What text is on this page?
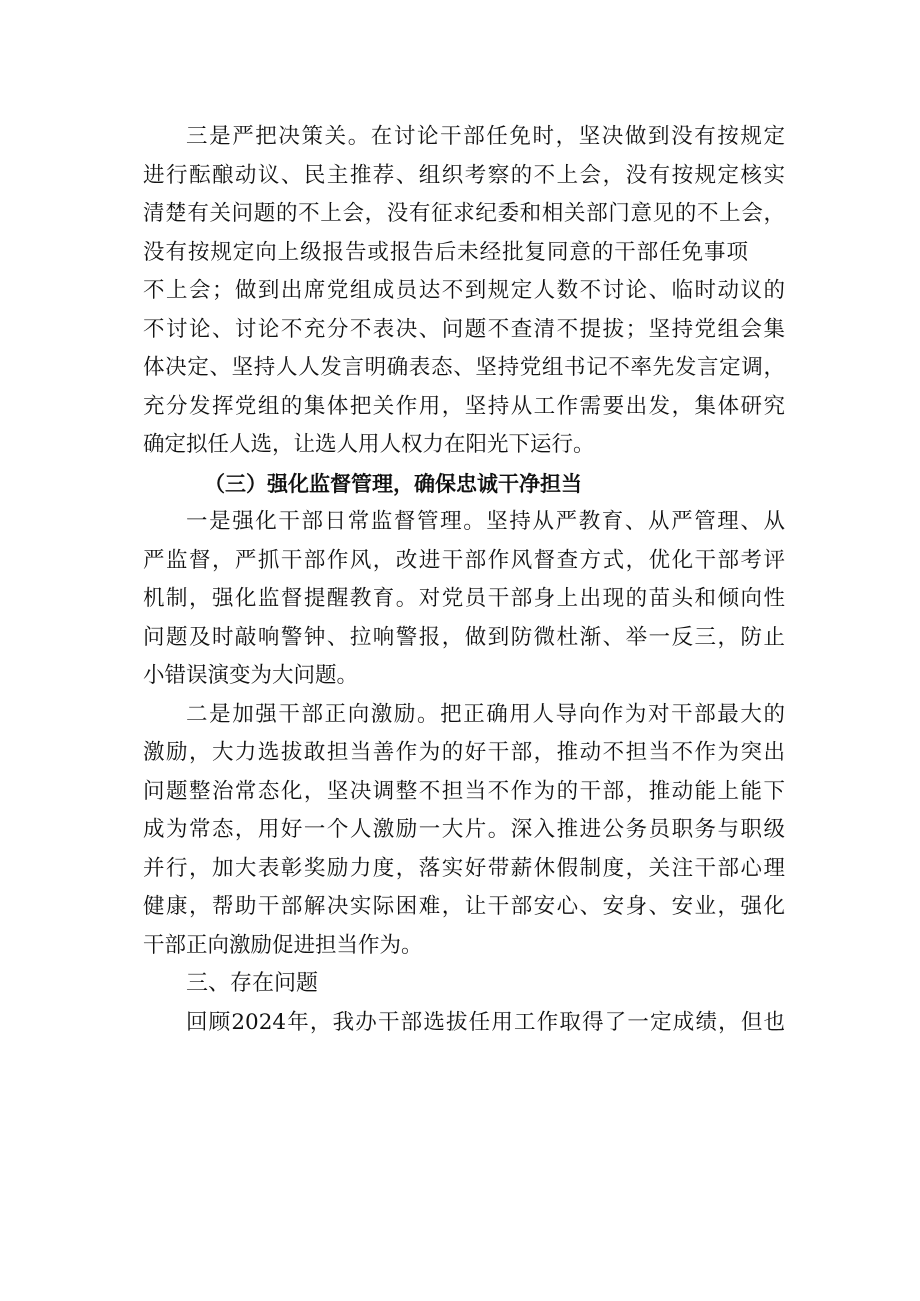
三是严把决策关。在讨论干部任免时，坚决做到没有按规定
进行酝酿动议、民主推荐、组织考察的不上会，没有按规定核实
清楚有关问题的不上会，没有征求纪委和相关部门意见的不上会，
没有按规定向上级报告或报告后未经批复同意的干部任免事项
不上会；做到出席党组成员达不到规定人数不讨论、临时动议的
不讨论、讨论不充分不表决、问题不查清不提拔；坚持党组会集
体决定、坚持人人发言明确表态、坚持党组书记不率先发言定调，
充分发挥党组的集体把关作用，坚持从工作需要出发，集体研究
确定拟任人选，让选人用人权力在阳光下运行。
（三）强化监督管理，确保忠诚干净担当
一是强化干部日常监督管理。坚持从严教育、从严管理、从
严监督，严抓干部作风，改进干部作风督查方式，优化干部考评
机制，强化监督提醒教育。对党员干部身上出现的苗头和倾向性
问题及时敲响警钟、拉响警报，做到防微杜渐、举一反三，防止
小错误演变为大问题。
二是加强干部正向激励。把正确用人导向作为对干部最大的
激励，大力选拔敢担当善作为的好干部，推动不担当不作为突出
问题整治常态化，坚决调整不担当不作为的干部，推动能上能下
成为常态，用好一个人激励一大片。深入推进公务员职务与职级
并行，加大表彰奖励力度，落实好带薪休假制度，关注干部心理
健康，帮助干部解决实际困难，让干部安心、安身、安业，强化
干部正向激励促进担当作为。
三、存在问题
回顾2024年，我办干部选拔任用工作取得了一定成绩，但也
